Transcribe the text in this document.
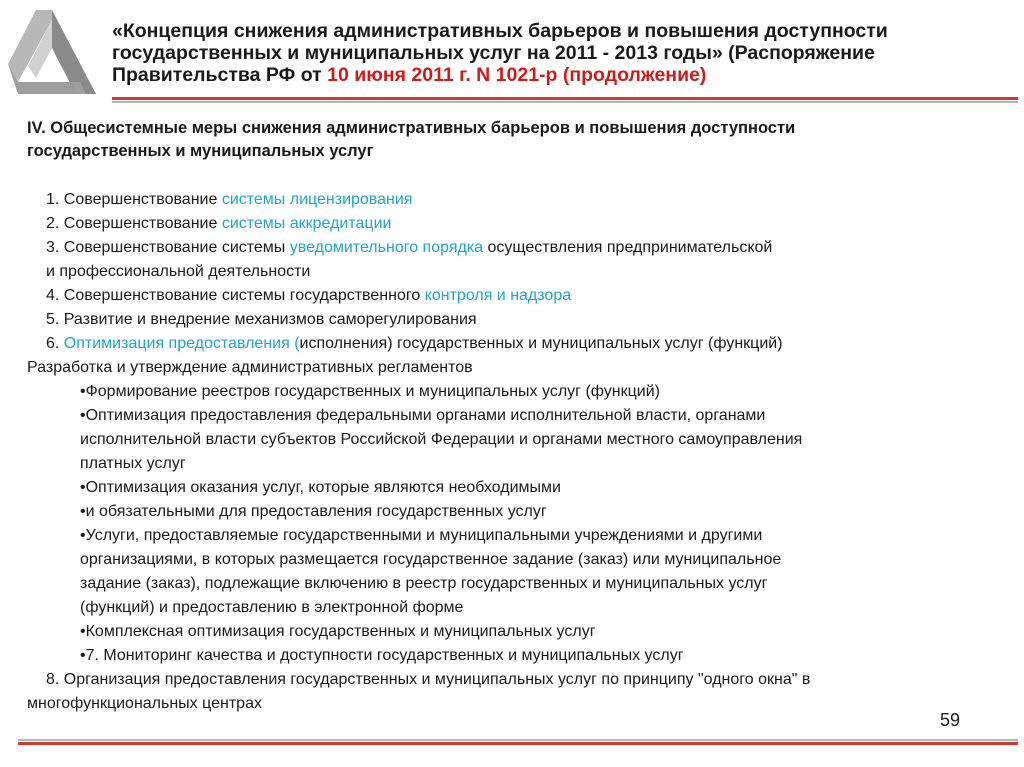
«Концепция снижения административных барьеров и повышения доступности
государственных и муниципальных услуг на 2011 - 2013 годы» (Распоряжение
Правительства РФ от 10 июня 2011 г. N 1021-р (продолжение)
IV. Общесистемные меры снижения административных барьеров и повышения доступности
государственных и муниципальных услуг
1. Совершенствование системы лицензирования
2. Совершенствование системы аккредитации
3. Совершенствование системы уведомительного порядка осуществления предпринимательской
и профессиональной деятельности
4. Совершенствование системы государственного контроля и надзора
5. Развитие и внедрение механизмов саморегулирования
6. Оптимизация предоставления (исполнения) государственных и муниципальных услуг (функций)
Разработка и утверждение административных регламентов
•Формирование реестров государственных и муниципальных услуг (функций)
•Оптимизация предоставления федеральными органами исполнительной власти, органами
исполнительной власти субъектов Российской Федерации и органами местного самоуправления
платных услуг
•Оптимизация оказания услуг, которые являются необходимыми
•и обязательными для предоставления государственных услуг
•Услуги, предоставляемые государственными и муниципальными учреждениями и другими
организациями, в которых размещается государственное задание (заказ) или муниципальное
задание (заказ), подлежащие включению в реестр государственных и муниципальных услуг
(функций) и предоставлению в электронной форме
•Комплексная оптимизация государственных и муниципальных услуг
•7. Мониторинг качества и доступности государственных и муниципальных услуг
8. Организация предоставления государственных и муниципальных услуг по принципу "одного окна" в
многофункциональных центрах
59
